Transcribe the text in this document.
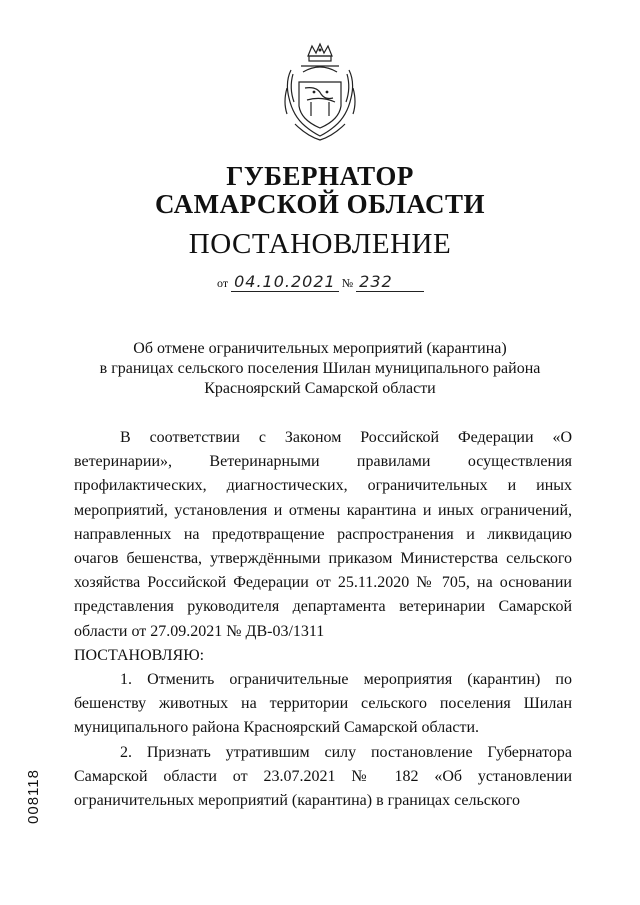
ГУБЕРНАТОР
САМАРСКОЙ ОБЛАСТИ
ПОСТАНОВЛЕНИЕ
от 04.10.2021 № 232
Об отмене ограничительных мероприятий (карантина)
в границах сельского поселения Шилан муниципального района
Красноярский Самарской области

В соответствии с Законом Российской Федерации «О ветеринарии», Ветеринарными правилами осуществления профилактических, диагностических, ограничительных и иных мероприятий, установления и отмены карантина и иных ограничений, направленных на предотвращение распространения и ликвидацию очагов бешенства, утверждёнными приказом Министерства сельского хозяйства Российской Федерации от 25.11.2020 № 705, на основании представления руководителя департамента ветеринарии Самарской области от 27.09.2021 № ДВ-03/1311

ПОСТАНОВЛЯЮ:

1. Отменить ограничительные мероприятия (карантин) по бешенству животных на территории сельского поселения Шилан муниципального района Красноярский Самарской области.

2. Признать утратившим силу постановление Губернатора Самарской области от 23.07.2021 № 182 «Об установлении ограничительных мероприятий (карантина) в границах сельского

008118
